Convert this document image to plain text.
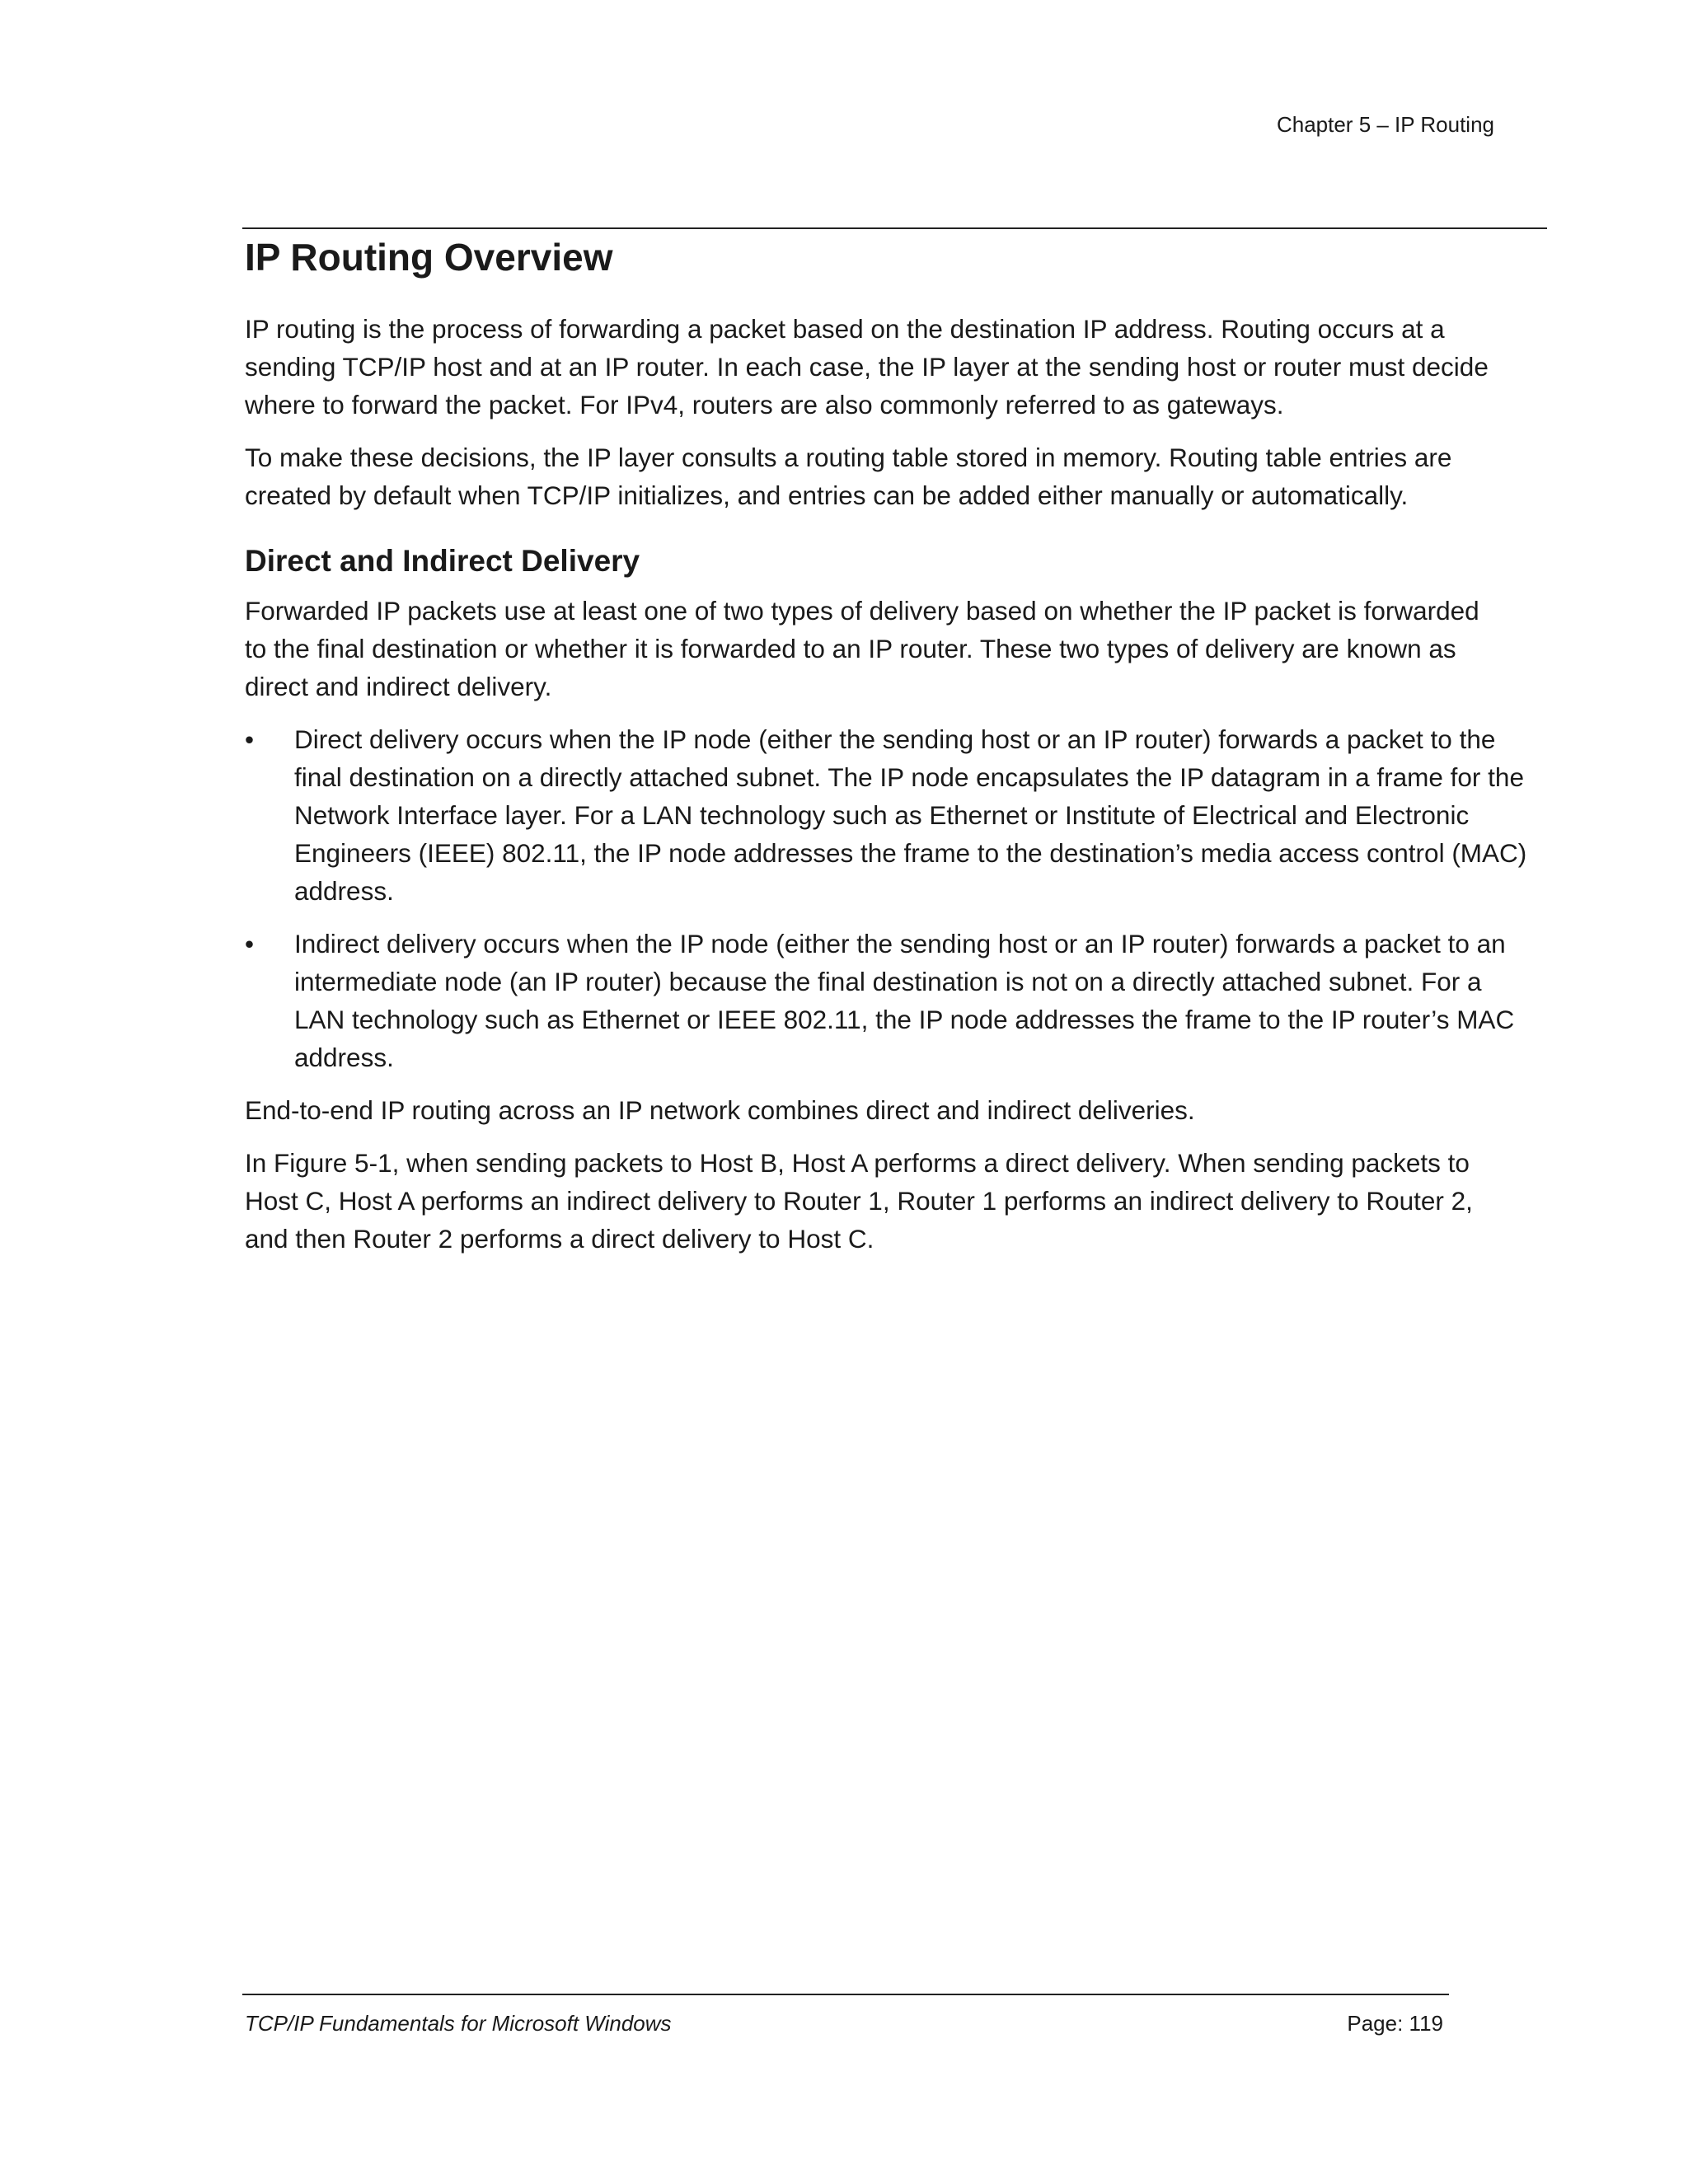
Chapter 5 – IP Routing
IP Routing Overview

IP routing is the process of forwarding a packet based on the destination IP address. Routing occurs at a sending TCP/IP host and at an IP router. In each case, the IP layer at the sending host or router must decide where to forward the packet. For IPv4, routers are also commonly referred to as gateways.

To make these decisions, the IP layer consults a routing table stored in memory. Routing table entries are created by default when TCP/IP initializes, and entries can be added either manually or automatically.

Direct and Indirect Delivery

Forwarded IP packets use at least one of two types of delivery based on whether the IP packet is forwarded to the final destination or whether it is forwarded to an IP router. These two types of delivery are known as direct and indirect delivery.

• Direct delivery occurs when the IP node (either the sending host or an IP router) forwards a packet to the final destination on a directly attached subnet. The IP node encapsulates the IP datagram in a frame for the Network Interface layer. For a LAN technology such as Ethernet or Institute of Electrical and Electronic Engineers (IEEE) 802.11, the IP node addresses the frame to the destination’s media access control (MAC) address.
• Indirect delivery occurs when the IP node (either the sending host or an IP router) forwards a packet to an intermediate node (an IP router) because the final destination is not on a directly attached subnet. For a LAN technology such as Ethernet or IEEE 802.11, the IP node addresses the frame to the IP router’s MAC address.

End-to-end IP routing across an IP network combines direct and indirect deliveries.

In Figure 5-1, when sending packets to Host B, Host A performs a direct delivery. When sending packets to Host C, Host A performs an indirect delivery to Router 1, Router 1 performs an indirect delivery to Router 2, and then Router 2 performs a direct delivery to Host C.

TCP/IP Fundamentals for Microsoft Windows	Page: 119
